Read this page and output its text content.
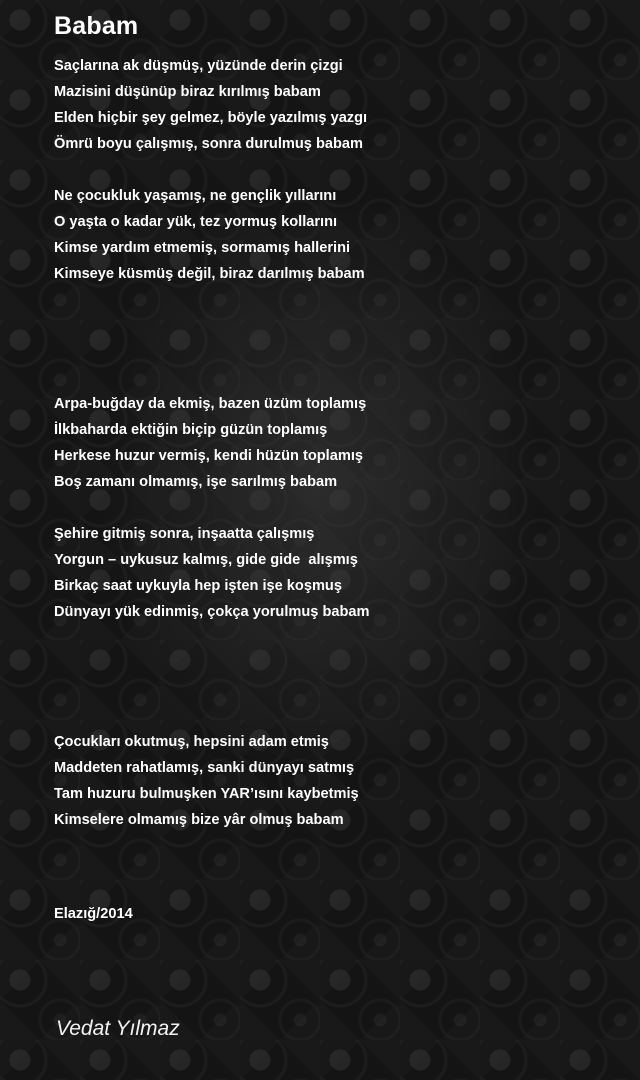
Babam
Saçlarına ak düşmüş, yüzünde derin çizgi
Mazisini düşünüp biraz kırılmış babam
Elden hiçbir şey gelmez, böyle yazılmış yazgı
Ömrü boyu çalışmış, sonra durulmuş babam
Ne çocukluk yaşamış, ne gençlik yıllarını
O yaşta o kadar yük, tez yormuş kollarını
Kimse yardım etmemiş, sormamış hallerini
Kimseye küsmüş değil, biraz darılmış babam
Arpa-buğday da ekmiş, bazen üzüm toplamış
İlkbaharda ektiğin biçip güzün toplamış
Herkese huzur vermiş, kendi hüzün toplamış
Boş zamanı olmamış, işe sarılmış babam
Şehire gitmiş sonra, inşaatta çalışmış
Yorgun – uykusuz kalmış, gide gide  alışmış
Birkaç saat uykuyla hep işten işe koşmuş
Dünyayı yük edinmiş, çokça yorulmuş babam
Çocukları okutmuş, hepsini adam etmiş
Maddeten rahatlamış, sanki dünyayı satmış
Tam huzuru bulmuşken YAR’ısını kaybetmiş
Kimselere olmamış bize yâr olmuş babam
Elazığ/2014
Vedat Yılmaz
